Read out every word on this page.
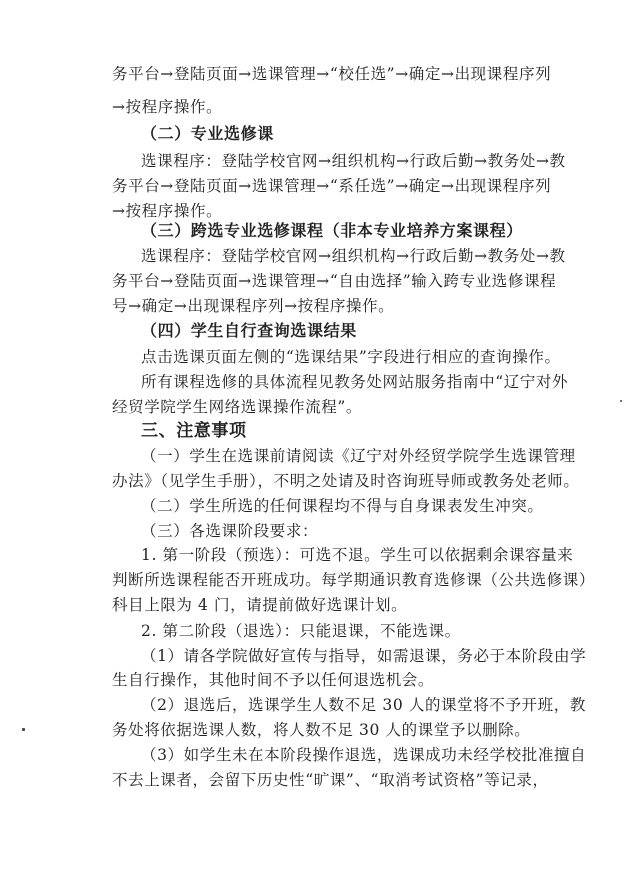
务平台→登陆页面→选课管理→“校任选”→确定→出现课程序列
→按程序操作。
（二）专业选修课
选课程序：登陆学校官网→组织机构→行政后勤→教务处→教
务平台→登陆页面→选课管理→“系任选”→确定→出现课程序列
→按程序操作。
（三）跨选专业选修课程（非本专业培养方案课程）
选课程序：登陆学校官网→组织机构→行政后勤→教务处→教
务平台→登陆页面→选课管理→“自由选择”输入跨专业选修课程
号→确定→出现课程序列→按程序操作。
（四）学生自行查询选课结果
点击选课页面左侧的“选课结果”字段进行相应的查询操作。
所有课程选修的具体流程见教务处网站服务指南中“辽宁对外
经贸学院学生网络选课操作流程”。
三、注意事项
（一）学生在选课前请阅读《辽宁对外经贸学院学生选课管理
办法》（见学生手册），不明之处请及时咨询班导师或教务处老师。
（二）学生所选的任何课程均不得与自身课表发生冲突。
（三）各选课阶段要求：
1. 第一阶段（预选）：可选不退。学生可以依据剩余课容量来
判断所选课程能否开班成功。每学期通识教育选修课（公共选修课）
科目上限为 4 门，请提前做好选课计划。
2. 第二阶段（退选）：只能退课，不能选课。
（1）请各学院做好宣传与指导，如需退课，务必于本阶段由学
生自行操作，其他时间不予以任何退选机会。
（2）退选后，选课学生人数不足 30 人的课堂将不予开班，教
务处将依据选课人数，将人数不足 30 人的课堂予以删除。
（3）如学生未在本阶段操作退选，选课成功未经学校批准擅自
不去上课者，会留下历史性“旷课”、“取消考试资格”等记录，
